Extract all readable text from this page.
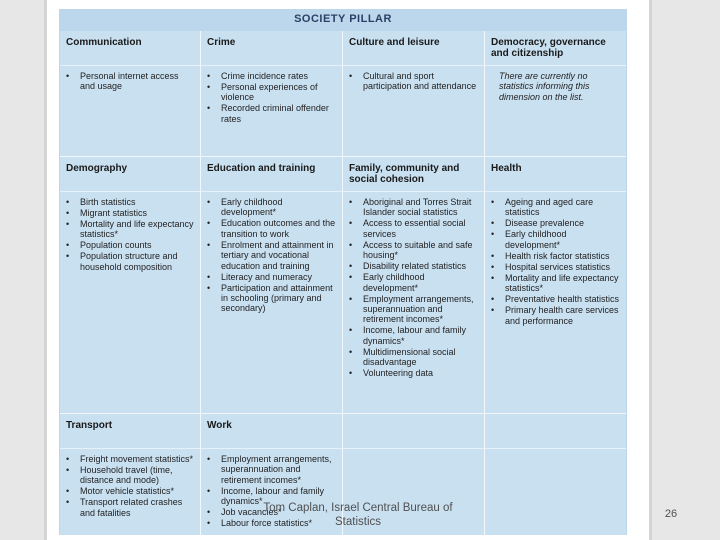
SOCIETY PILLAR
Communication
• Personal internet access and usage
Crime
• Crime incidence rates
• Personal experiences of violence
• Recorded criminal offender rates
Culture and leisure
• Cultural and sport participation and attendance
Democracy, governance and citizenship
There are currently no statistics informing this dimension on the list.
Demography
• Birth statistics
• Migrant statistics
• Mortality and life expectancy statistics*
• Population counts
• Population structure and household composition
Education and training
• Early childhood development*
• Education outcomes and the transition to work
• Enrolment and attainment in tertiary and vocational education and training
• Literacy and numeracy
• Participation and attainment in schooling (primary and secondary)
Family, community and social cohesion
• Aboriginal and Torres Strait Islander social statistics
• Access to essential social services
• Access to suitable and safe housing*
• Disability related statistics
• Early childhood development*
• Employment arrangements, superannuation and retirement incomes*
• Income, labour and family dynamics*
• Multidimensional social disadvantage
• Volunteering data
Health
• Ageing and aged care statistics
• Disease prevalence
• Early childhood development*
• Health risk factor statistics
• Hospital services statistics
• Mortality and life expectancy statistics*
• Preventative health statistics
• Primary health care services and performance
Transport
• Freight movement statistics*
• Household travel (time, distance and mode)
• Motor vehicle statistics*
• Transport related crashes and fatalities
Work
• Employment arrangements, superannuation and retirement incomes*
• Income, labour and family dynamics*
• Job vacancies*
• Labour force statistics*
Tom Caplan, Israel Central Bureau of
Statistics
26
